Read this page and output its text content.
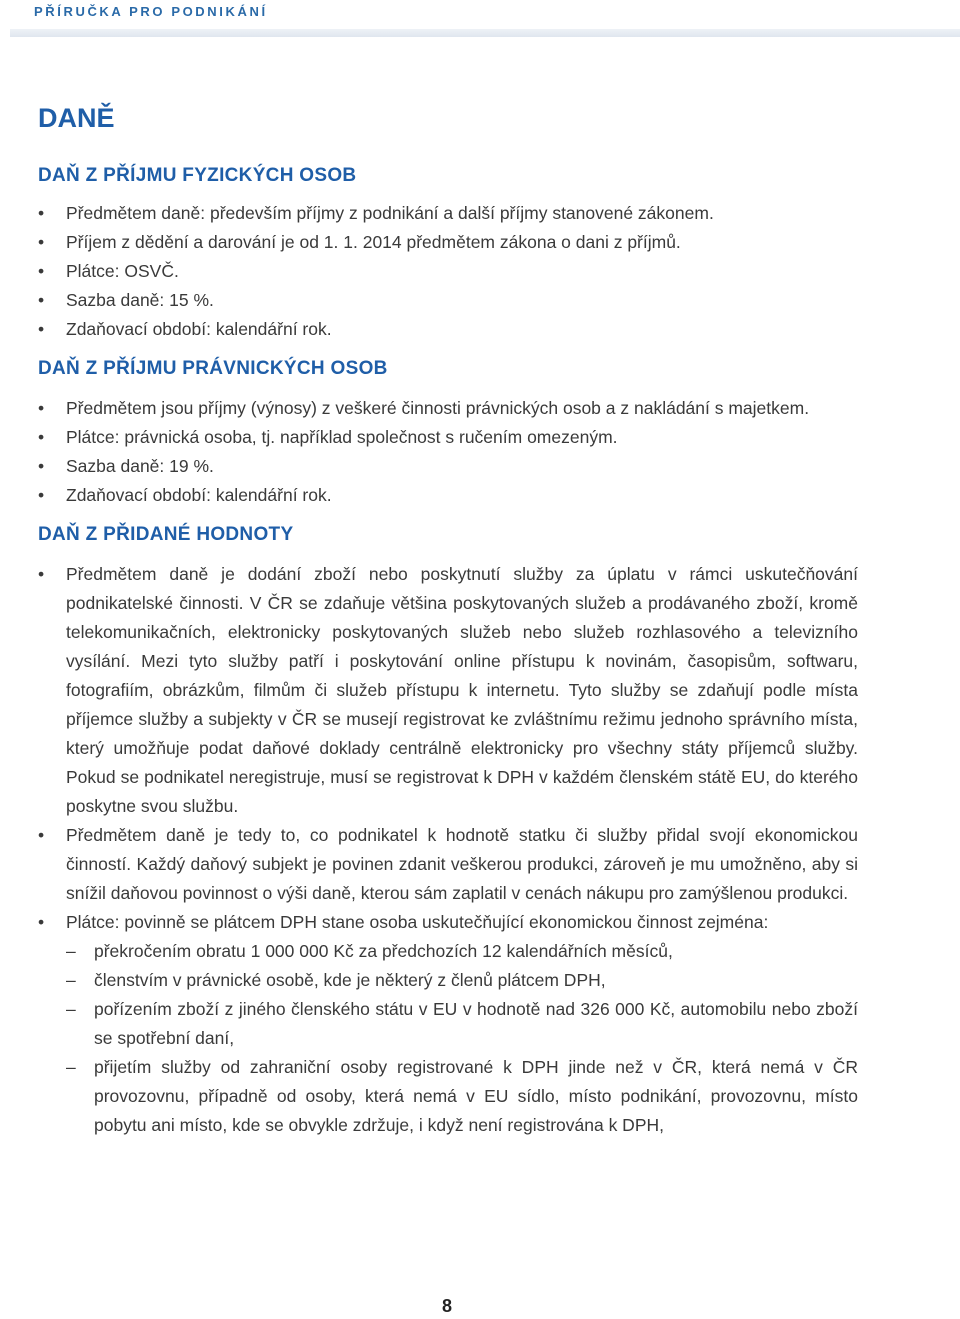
PŘÍRUČKA PRO PODNIKÁNÍ
DANĚ
DAŇ Z PŘÍJMU FYZICKÝCH OSOB
•	Předmětem daně: především příjmy z podnikání a další příjmy stanovené zákonem.
•	Příjem z dědění a darování je od 1. 1. 2014 předmětem zákona o dani z příjmů.
•	Plátce: OSVČ.
•	Sazba daně: 15 %.
•	Zdaňovací období: kalendářní rok.
DAŇ Z PŘÍJMU PRÁVNICKÝCH OSOB
•	Předmětem jsou příjmy (výnosy) z veškeré činnosti právnických osob a z nakládání s majetkem.
•	Plátce: právnická osoba, tj. například společnost s ručením omezeným.
•	Sazba daně: 19 %.
•	Zdaňovací období: kalendářní rok.
DAŇ Z PŘIDANÉ HODNOTY
•	Předmětem daně je dodání zboží nebo poskytnutí služby za úplatu v rámci uskutečňování podnikatelské činnosti. V ČR se zdaňuje většina poskytovaných služeb a prodávaného zboží, kromě telekomunikačních, elektronicky poskytovaných služeb nebo služeb rozhlasového a televizního vysílání. Mezi tyto služby patří i poskytování online přístupu k novinám, časopisům, softwaru, fotografiím, obrázkům, filmům či služeb přístupu k internetu. Tyto služby se zdaňují podle místa příjemce služby a subjekty v ČR se musejí registrovat ke zvláštnímu režimu jednoho správního místa, který umožňuje podat daňové doklady centrálně elektronicky pro všechny státy příjemců služby. Pokud se podnikatel neregistruje, musí se registrovat k DPH v každém členském státě EU, do kterého poskytne svou službu.
•	Předmětem daně je tedy to, co podnikatel k hodnotě statku či služby přidal svojí ekonomickou činností. Každý daňový subjekt je povinen zdanit veškerou produkci, zároveň je mu umožněno, aby si snížil daňovou povinnost o výši daně, kterou sám zaplatil v cenách nákupu pro zamýšlenou produkci.
•	Plátce: povinně se plátcem DPH stane osoba uskutečňující ekonomickou činnost zejména:
– překročením obratu 1 000 000 Kč za předchozích 12 kalendářních měsíců,
– členstvím v právnické osobě, kde je některý z členů plátcem DPH,
– pořízením zboží z jiného členského státu v EU v hodnotě nad 326 000 Kč, automobilu nebo zboží se spotřební daní,
– přijetím služby od zahraniční osoby registrované k DPH jinde než v ČR, která nemá v ČR provozovnu, případně od osoby, která nemá v EU sídlo, místo podnikání, provozovnu, místo pobytu ani místo, kde se obvykle zdržuje, i když není registrována k DPH,
8
